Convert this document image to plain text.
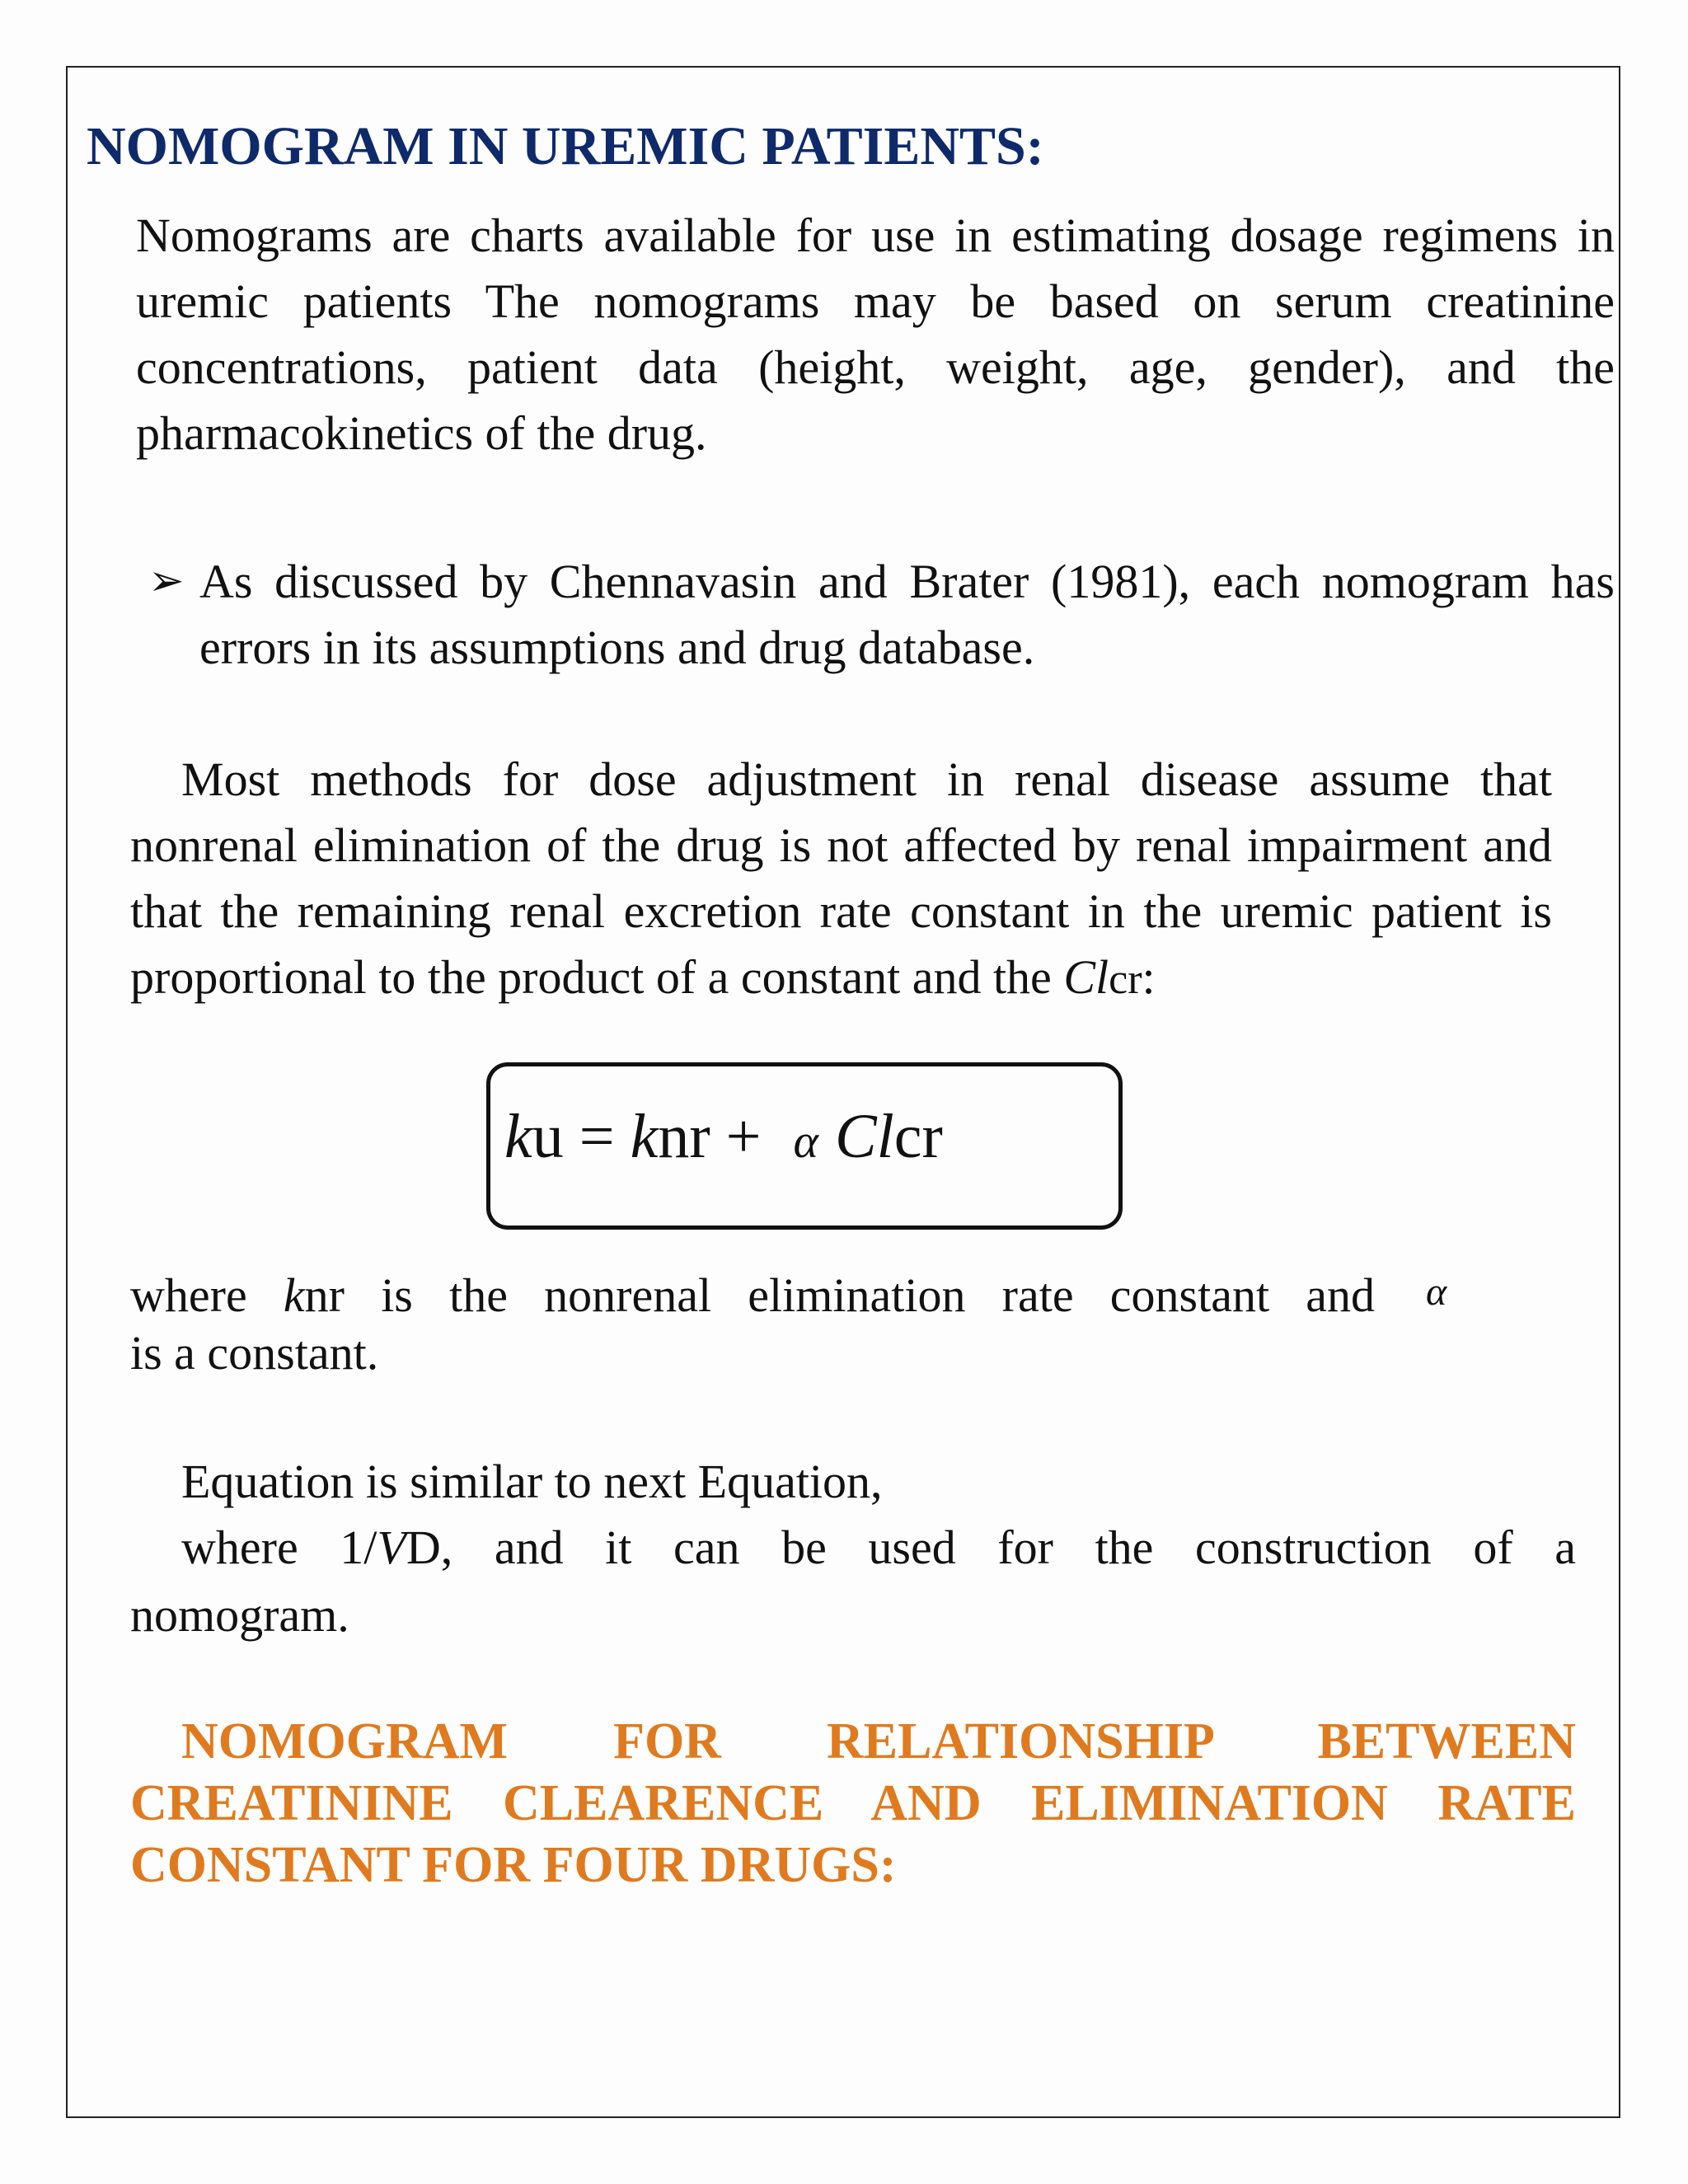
NOMOGRAM IN UREMIC PATIENTS:

Nomograms are charts available for use in estimating dosage regimens in uremic patients The nomograms may be based on serum creatinine concentrations, patient data (height, weight, age, gender), and the pharmacokinetics of the drug.

➢ As discussed by Chennavasin and Brater (1981), each nomogram has errors in its assumptions and drug database.

Most methods for dose adjustment in renal disease assume that nonrenal elimination of the drug is not affected by renal impairment and that the remaining renal excretion rate constant in the uremic patient is proportional to the product of a constant and the Clcr:

ku = knr + α Clcr
where knr is the nonrenal elimination rate constant and α
is a constant.
Equation is similar to next Equation,
where 1/VD, and it can be used for the construction of a
nomogram.
NOMOGRAM FOR RELATIONSHIP BETWEEN
CREATININE CLEARENCE AND ELIMINATION RATE
CONSTANT FOR FOUR DRUGS:
